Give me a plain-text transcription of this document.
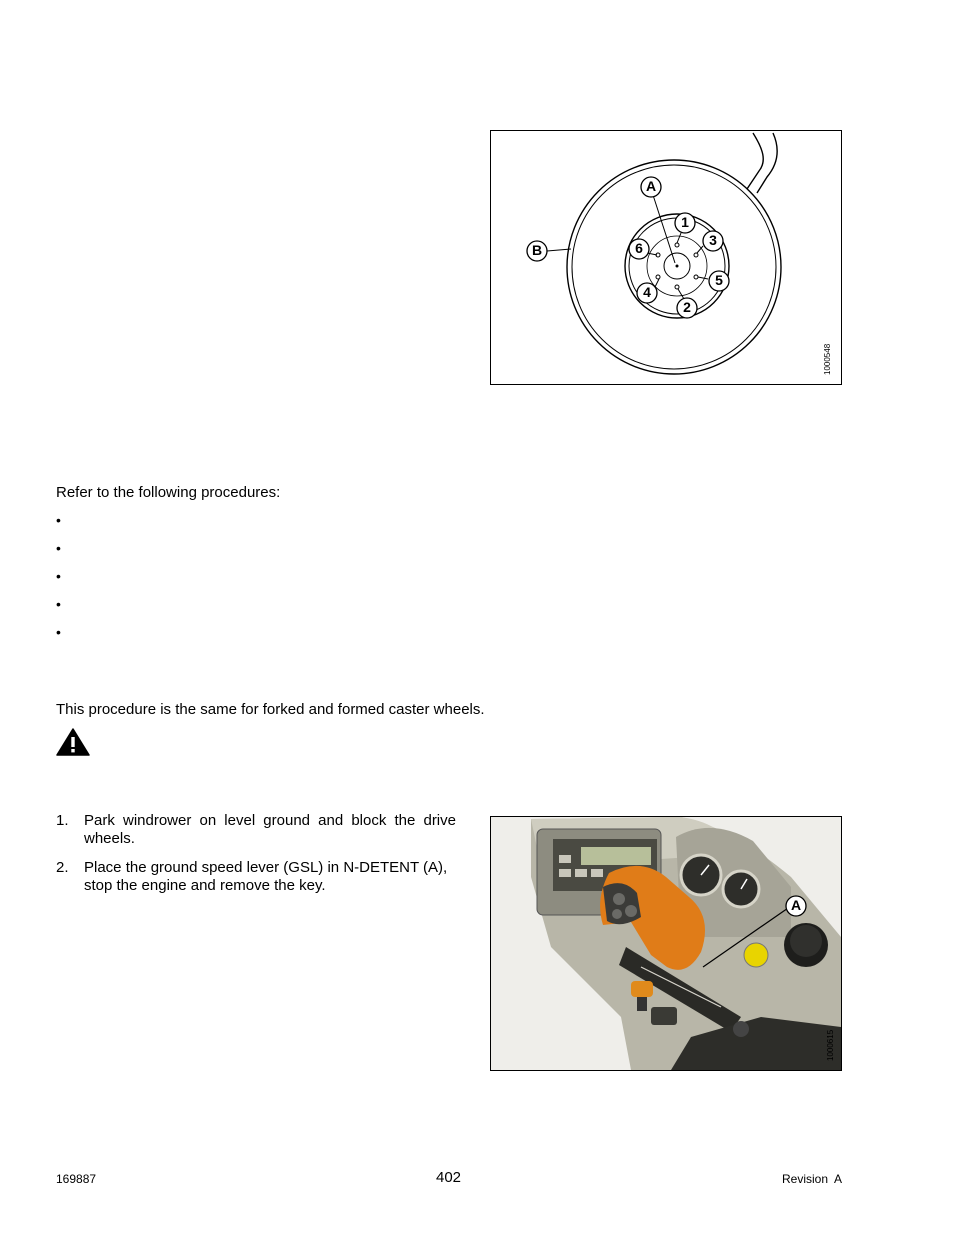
A
B
1
3
5
2
4
6
1000548
Refer to the following procedures:
•
•
•
•
•
This procedure is the same for forked and formed caster wheels.
1. Park windrower on level ground and block the drive wheels.
2. Place the ground speed lever (GSL) in N-DETENT (A), stop the engine and remove the key.
A
1000615
169887	402	Revision  A
